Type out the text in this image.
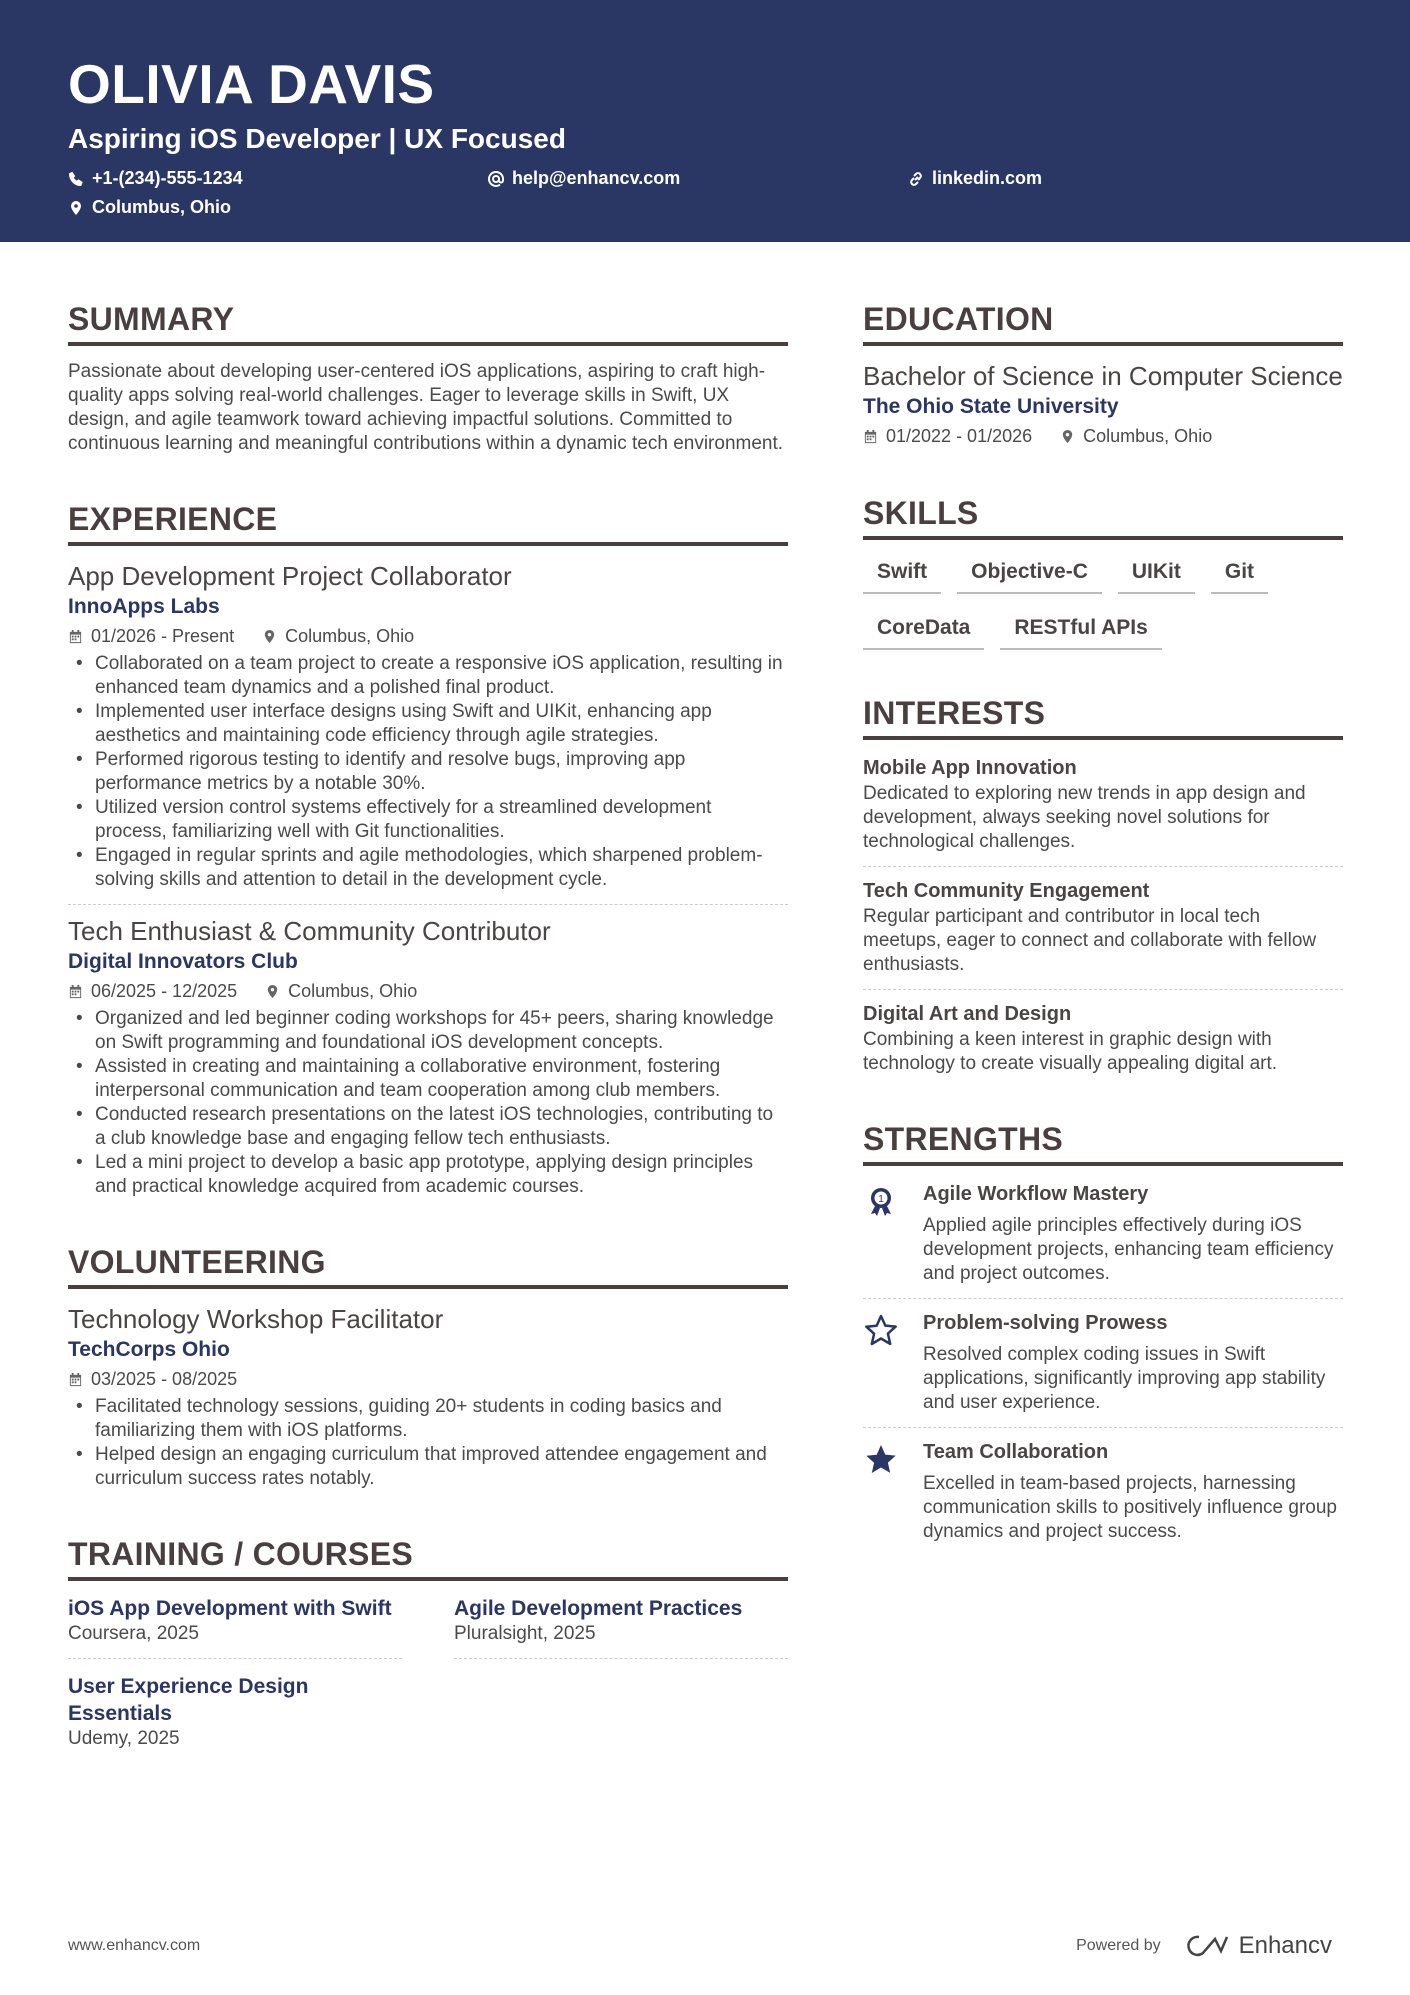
OLIVIA DAVIS
Aspiring iOS Developer | UX Focused
+1-(234)-555-1234	help@enhancv.com	linkedin.com
Columbus, Ohio
SUMMARY
Passionate about developing user-centered iOS applications, aspiring to craft high-quality apps solving real-world challenges. Eager to leverage skills in Swift, UX design, and agile teamwork toward achieving impactful solutions. Committed to continuous learning and meaningful contributions within a dynamic tech environment.
EXPERIENCE
App Development Project Collaborator
InnoApps Labs
01/2026 - Present	Columbus, Ohio
• Collaborated on a team project to create a responsive iOS application, resulting in enhanced team dynamics and a polished final product.
• Implemented user interface designs using Swift and UIKit, enhancing app aesthetics and maintaining code efficiency through agile strategies.
• Performed rigorous testing to identify and resolve bugs, improving app performance metrics by a notable 30%.
• Utilized version control systems effectively for a streamlined development process, familiarizing well with Git functionalities.
• Engaged in regular sprints and agile methodologies, which sharpened problem-solving skills and attention to detail in the development cycle.
Tech Enthusiast & Community Contributor
Digital Innovators Club
06/2025 - 12/2025	Columbus, Ohio
• Organized and led beginner coding workshops for 45+ peers, sharing knowledge on Swift programming and foundational iOS development concepts.
• Assisted in creating and maintaining a collaborative environment, fostering interpersonal communication and team cooperation among club members.
• Conducted research presentations on the latest iOS technologies, contributing to a club knowledge base and engaging fellow tech enthusiasts.
• Led a mini project to develop a basic app prototype, applying design principles and practical knowledge acquired from academic courses.
VOLUNTEERING
Technology Workshop Facilitator
TechCorps Ohio
03/2025 - 08/2025
• Facilitated technology sessions, guiding 20+ students in coding basics and familiarizing them with iOS platforms.
• Helped design an engaging curriculum that improved attendee engagement and curriculum success rates notably.
TRAINING / COURSES
iOS App Development with Swift
Coursera, 2025
Agile Development Practices
Pluralsight, 2025
User Experience Design Essentials
Udemy, 2025
EDUCATION
Bachelor of Science in Computer Science
The Ohio State University
01/2022 - 01/2026	Columbus, Ohio
SKILLS
Swift	Objective-C	UIKit	Git
CoreData	RESTful APIs
INTERESTS
Mobile App Innovation
Dedicated to exploring new trends in app design and development, always seeking novel solutions for technological challenges.
Tech Community Engagement
Regular participant and contributor in local tech meetups, eager to connect and collaborate with fellow enthusiasts.
Digital Art and Design
Combining a keen interest in graphic design with technology to create visually appealing digital art.
STRENGTHS
1 Agile Workflow Mastery
Applied agile principles effectively during iOS development projects, enhancing team efficiency and project outcomes.
Problem-solving Prowess
Resolved complex coding issues in Swift applications, significantly improving app stability and user experience.
Team Collaboration
Excelled in team-based projects, harnessing communication skills to positively influence group dynamics and project success.
www.enhancv.com	Powered by	Enhancv
